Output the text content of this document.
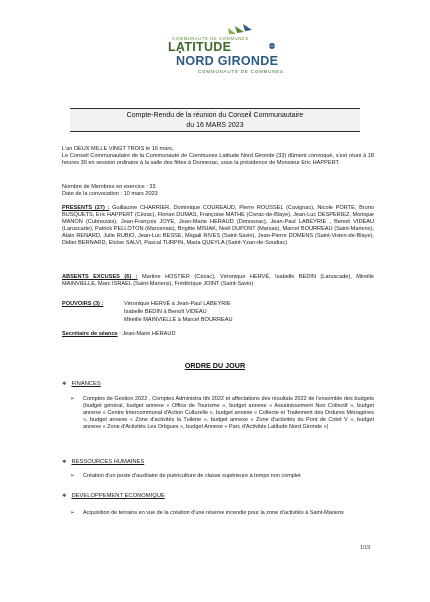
COMMUNAUTÉ DE COMMUNES
LATITUDE
NORD GIRONDE
COMMUNAUTÉ DE COMMUNES
Compte-Rendu de la réunion du Conseil Communautaire
du 16 MARS 2023
L'an DEUX MILLE VINGT TROIS le 16 mars,
Le Conseil Communautaire de la Communauté de Communes Latitude Nord Gironde (33) dûment convoqué, s'est réuni à 18 heures 30 en session ordinaire à la salle des fêtes à Donnezac, sous la présidence de Monsieur Eric HAPPERT.
Nombre de Membres en exercice : 33
Date de la convocation : 10 mars 2023
PRESENTS (27) : Guillaume CHARRIER, Dominique COUREAUD, Pierre ROUSSEL (Cavignac), Nicole PORTE, Bruno BUSQUETS, Eric HAPPERT (Cézac), Florian DUMAS, Françoise MATHE (Civrac-de-Blaye), Jean-Luc DESPERIEZ, Monique MANON (Cubnezais), Jean-François JOYE, Jean-Marie HERAUD (Donnezac), Jean-Paul LABEYRIE , Benoit VIDEAU (Laruscade), Patrick PELLOTON (Marcenais), Brigitte MISIAK, Noël DUPONT (Marsas), Marcel BOURREAU (Saint-Mariens), Alain RENARD, Julie RUBIO, Jean-Luc BESSE, Magali RIVES (Saint-Savin), Jean-Pierre DOMENS (Saint-Vivien-de-Blaye), Didier BERNARD, Eloïse SALVI, Pascal TURPIN, Maria QUEYLA (Saint-Yzan-de-Soudiac)
ABSENTS EXCUSES (6) : Martine HOSTIER (Cézac), Véronique HERVÉ, Isabelle BEDIN (Laruscade), Mireille MAINVIELLE, Marc ISRAEL (Saint-Mariens), Frédérique JOINT (Saint-Savin)
POUVOIRS (3) :	Véronique HERVÉ à Jean-Paul LABEYRIE
Isabelle BEDIN à Benoît VIDEAU
Mireille MAINVIELLE à Marcel BOURREAU
Secrétaire de séance : Jean-Marie HERAUD
ORDRE DU JOUR
❖ FINANCES
➢ Comptes de Gestion 2022 , Comptes Administra tifs 2022 et affectations des résultats 2022 de l'ensemble des budgets (budget général, budget annexe « Office de Tourisme », budget annexe « Assainissement Non Collectif », budget annexe « Centre Intercommunal d'Action Culturelle », budget annexe « Collecte et Traitement des Ordures Ménagères », budget annexe « Zone d'activités la Tuilerie », budget annexe « Zone d'activités du Pont de Cotet V », budget annexe « Zone d'Activités Les Ortigues », budget Annexe « Parc d'Activités Latitude Nord Gironde »)
❖ RESSOURCES HUMAINES
➢ Création d'un poste d'auxiliaire de puériculture de classe supérieure à temps non complet
❖ DEVELOPPEMENT ECONOMIQUE
➢ Acquisition de terrains en vue de la création d'une réserve incendie pour la zone d'activités à Saint-Mariens
1/19
